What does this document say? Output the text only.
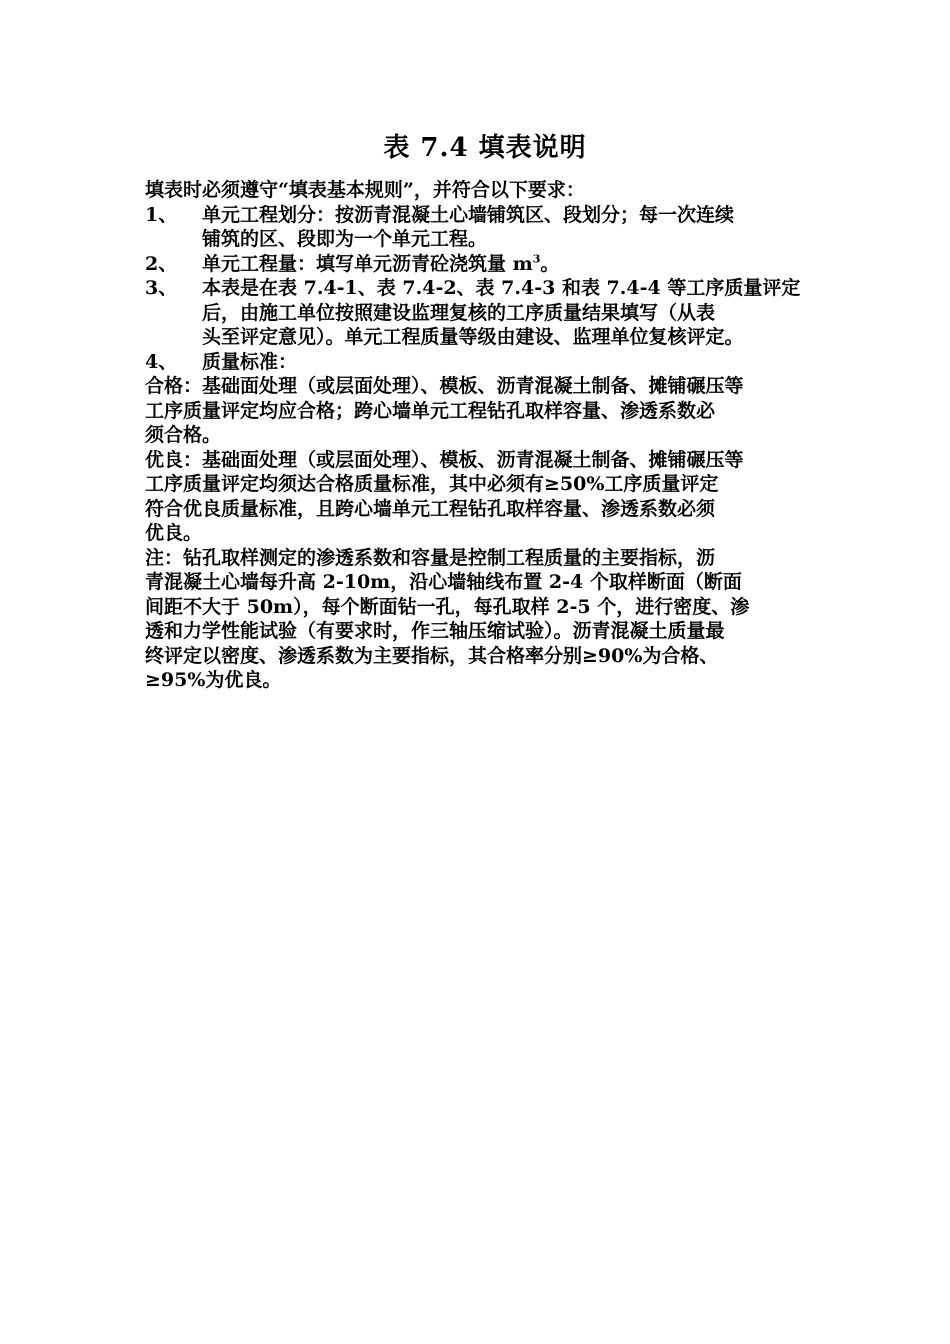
表 7.4 填表说明

填表时必须遵守“填表基本规则”，并符合以下要求：

1、	单元工程划分：按沥青混凝土心墙铺筑区、段划分；每一次连续
铺筑的区、段即为一个单元工程。
2、	单元工程量：填写单元沥青砼浇筑量 $m^3$。
3、	本表是在表 7.4-1、表 7.4-2、表 7.4-3 和表 7.4-4 等工序质量评定
后，由施工单位按照建设监理复核的工序质量结果填写（从表
头至评定意见）。单元工程质量等级由建设、监理单位复核评定。
4、	质量标准：

合格：基础面处理（或层面处理）、模板、沥青混凝土制备、摊铺碾压等

工序质量评定均应合格；跨心墙单元工程钻孔取样容量、渗透系数必

须合格。

优良：基础面处理（或层面处理）、模板、沥青混凝土制备、摊铺碾压等

工序质量评定均须达合格质量标准，其中必须有≥50%工序质量评定

符合优良质量标准，且跨心墙单元工程钻孔取样容量、渗透系数必须

优良。

注：钻孔取样测定的渗透系数和容量是控制工程质量的主要指标，沥

青混凝土心墙每升高 2-10m，沿心墙轴线布置 2-4 个取样断面（断面

间距不大于 50m），每个断面钻一孔，每孔取样 2-5 个，进行密度、渗

透和力学性能试验（有要求时，作三轴压缩试验）。沥青混凝土质量最

终评定以密度、渗透系数为主要指标，其合格率分别≥90%为合格、

≥95%为优良。
